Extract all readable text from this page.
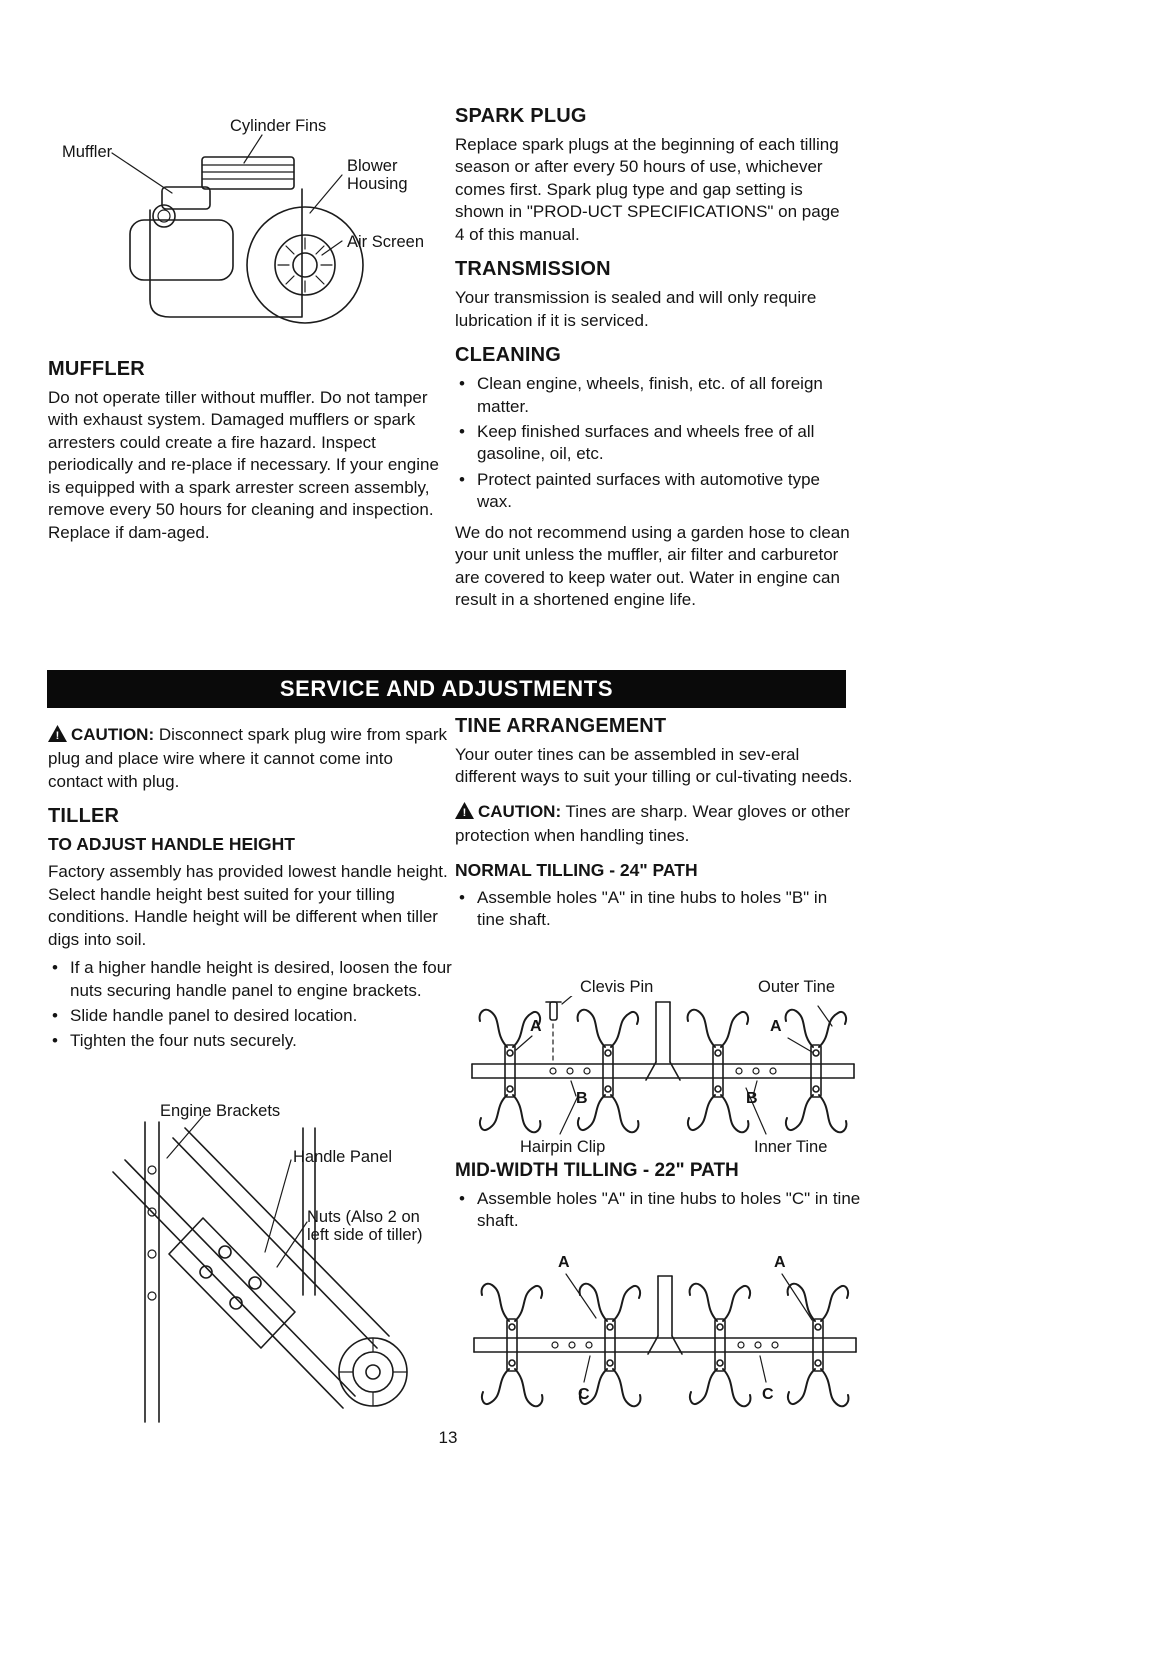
Cylinder Fins
Muffler
Blower Housing
Air Screen
MUFFLER

Do not operate tiller without muffler. Do not tamper with exhaust system. Damaged mufflers or spark arresters could create a fire hazard. Inspect periodically and re-place if necessary. If your engine is equipped with a spark arrester screen assembly, remove every 50 hours for cleaning and inspection. Replace if dam-aged.

SPARK PLUG

Replace spark plugs at the beginning of each tilling season or after every 50 hours of use, whichever comes first. Spark plug type and gap setting is shown in "PROD-UCT SPECIFICATIONS" on page 4 of this manual.

TRANSMISSION

Your transmission is sealed and will only require lubrication if it is serviced.

CLEANING
• Clean engine, wheels, finish, etc. of all foreign matter.
• Keep finished surfaces and wheels free of all gasoline, oil, etc.
• Protect painted surfaces with automotive type wax.

We do not recommend using a garden hose to clean your unit unless the muffler, air filter and carburetor are covered to keep water out. Water in engine can result in a shortened engine life.

SERVICE AND ADJUSTMENTS

! CAUTION: Disconnect spark plug wire from spark plug and place wire where it cannot come into contact with plug.

TILLER
TO ADJUST HANDLE HEIGHT

Factory assembly has provided lowest handle height. Select handle height best suited for your tilling conditions. Handle height will be different when tiller digs into soil.

• If a higher handle height is desired, loosen the four nuts securing handle panel to engine brackets.
• Slide handle panel to desired location.
• Tighten the four nuts securely.
Engine Brackets
Handle Panel
Nuts (Also 2 on left side of tiller)
TINE ARRANGEMENT

Your outer tines can be assembled in sev-eral different ways to suit your tilling or cul-tivating needs.

! CAUTION: Tines are sharp. Wear gloves or other protection when handling tines.

NORMAL TILLING - 24" PATH
• Assemble holes "A" in tine hubs to holes "B" in tine shaft.
Clevis Pin	Outer Tine
A	A
B	B
Hairpin Clip	Inner Tine
MID-WIDTH TILLING - 22" PATH
• Assemble holes "A" in tine hubs to holes "C" in tine shaft.
A	A
C	C
13
